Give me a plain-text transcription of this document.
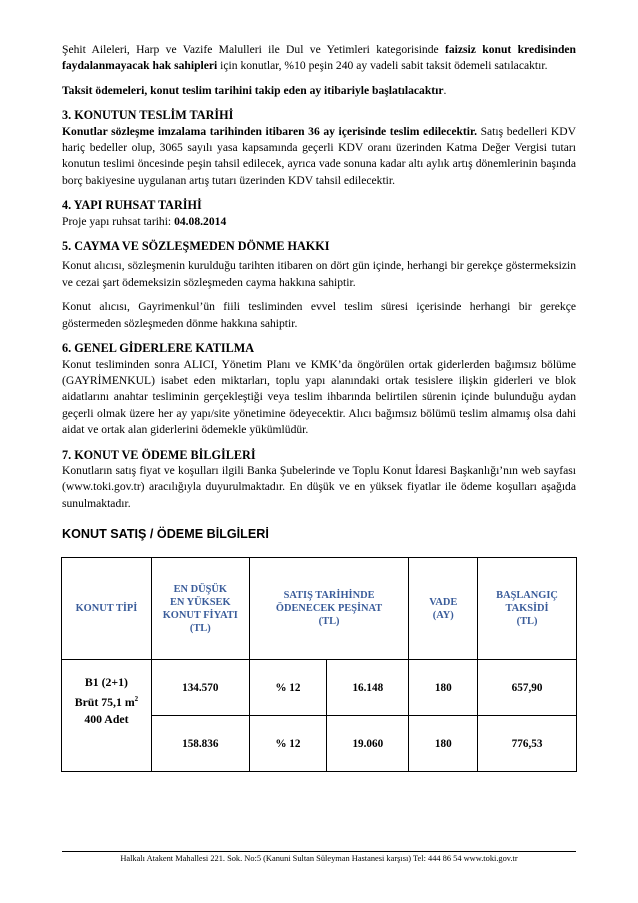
Şehit Aileleri, Harp ve Vazife Malulleri ile Dul ve Yetimleri kategorisinde faizsiz konut kredisinden faydalanmayacak hak sahipleri için konutlar, %10 peşin 240 ay vadeli sabit taksit ödemeli satılacaktır.

Taksit ödemeleri, konut teslim tarihini takip eden ay itibariyle başlatılacaktır.

3. KONUTUN TESLİM TARİHİ

Konutlar sözleşme imzalama tarihinden itibaren 36 ay içerisinde teslim edilecektir. Satış bedelleri KDV hariç bedeller olup, 3065 sayılı yasa kapsamında geçerli KDV oranı üzerinden Katma Değer Vergisi tutarı konutun teslimi öncesinde peşin tahsil edilecek, ayrıca vade sonuna kadar altı aylık artış dönemlerinin başında borç bakiyesine uygulanan artış tutarı üzerinden KDV tahsil edilecektir.

4. YAPI RUHSAT TARİHİ

Proje yapı ruhsat tarihi: 04.08.2014

5. CAYMA VE SÖZLEŞMEDEN DÖNME HAKKI

Konut alıcısı, sözleşmenin kurulduğu tarihten itibaren on dört gün içinde, herhangi bir gerekçe göstermeksizin ve cezai şart ödemeksizin sözleşmeden cayma hakkına sahiptir.

Konut alıcısı, Gayrimenkul’ün fiili tesliminden evvel teslim süresi içerisinde herhangi bir gerekçe göstermeden sözleşmeden dönme hakkına sahiptir.

6. GENEL GİDERLERE KATILMA

Konut tesliminden sonra ALICI, Yönetim Planı ve KMK’da öngörülen ortak giderlerden bağımsız bölüme (GAYRİMENKUL) isabet eden miktarları, toplu yapı alanındaki ortak tesislere ilişkin giderleri ve blok aidatlarını anahtar tesliminin gerçekleştiği veya teslim ihbarında belirtilen sürenin içinde bulunduğu aydan geçerli olmak üzere her ay yapı/site yönetimine ödeyecektir. Alıcı bağımsız bölümü teslim almamış olsa dahi aidat ve ortak alan giderlerini ödemekle yükümlüdür.

7. KONUT VE ÖDEME BİLGİLERİ

Konutların satış fiyat ve koşulları ilgili Banka Şubelerinde ve Toplu Konut İdaresi Başkanlığı’nın web sayfası (www.toki.gov.tr) aracılığıyla duyurulmaktadır. En düşük ve en yüksek fiyatlar ile ödeme koşulları aşağıda sunulmaktadır.

KONUT SATIŞ / ÖDEME BİLGİLERİ
KONUT TİPİ	EN DÜŞÜK
EN YÜKSEK
KONUT FİYATI
(TL)	SATIŞ TARİHİNDE
ÖDENECEK PEŞİNAT
(TL)		VADE
(AY)	BAŞLANGIÇ
TAKSİDİ
(TL)

B1 (2+1)
Brüt 75,1 $m^2$
400 Adet	134.570	% 12	16.148	180	657,90
	158.836	% 12	19.060	180	776,53
Halkalı Atakent Mahallesi 221. Sok. No:5 (Kanuni Sultan Süleyman Hastanesi karşısı) Tel: 444 86 54 www.toki.gov.tr
